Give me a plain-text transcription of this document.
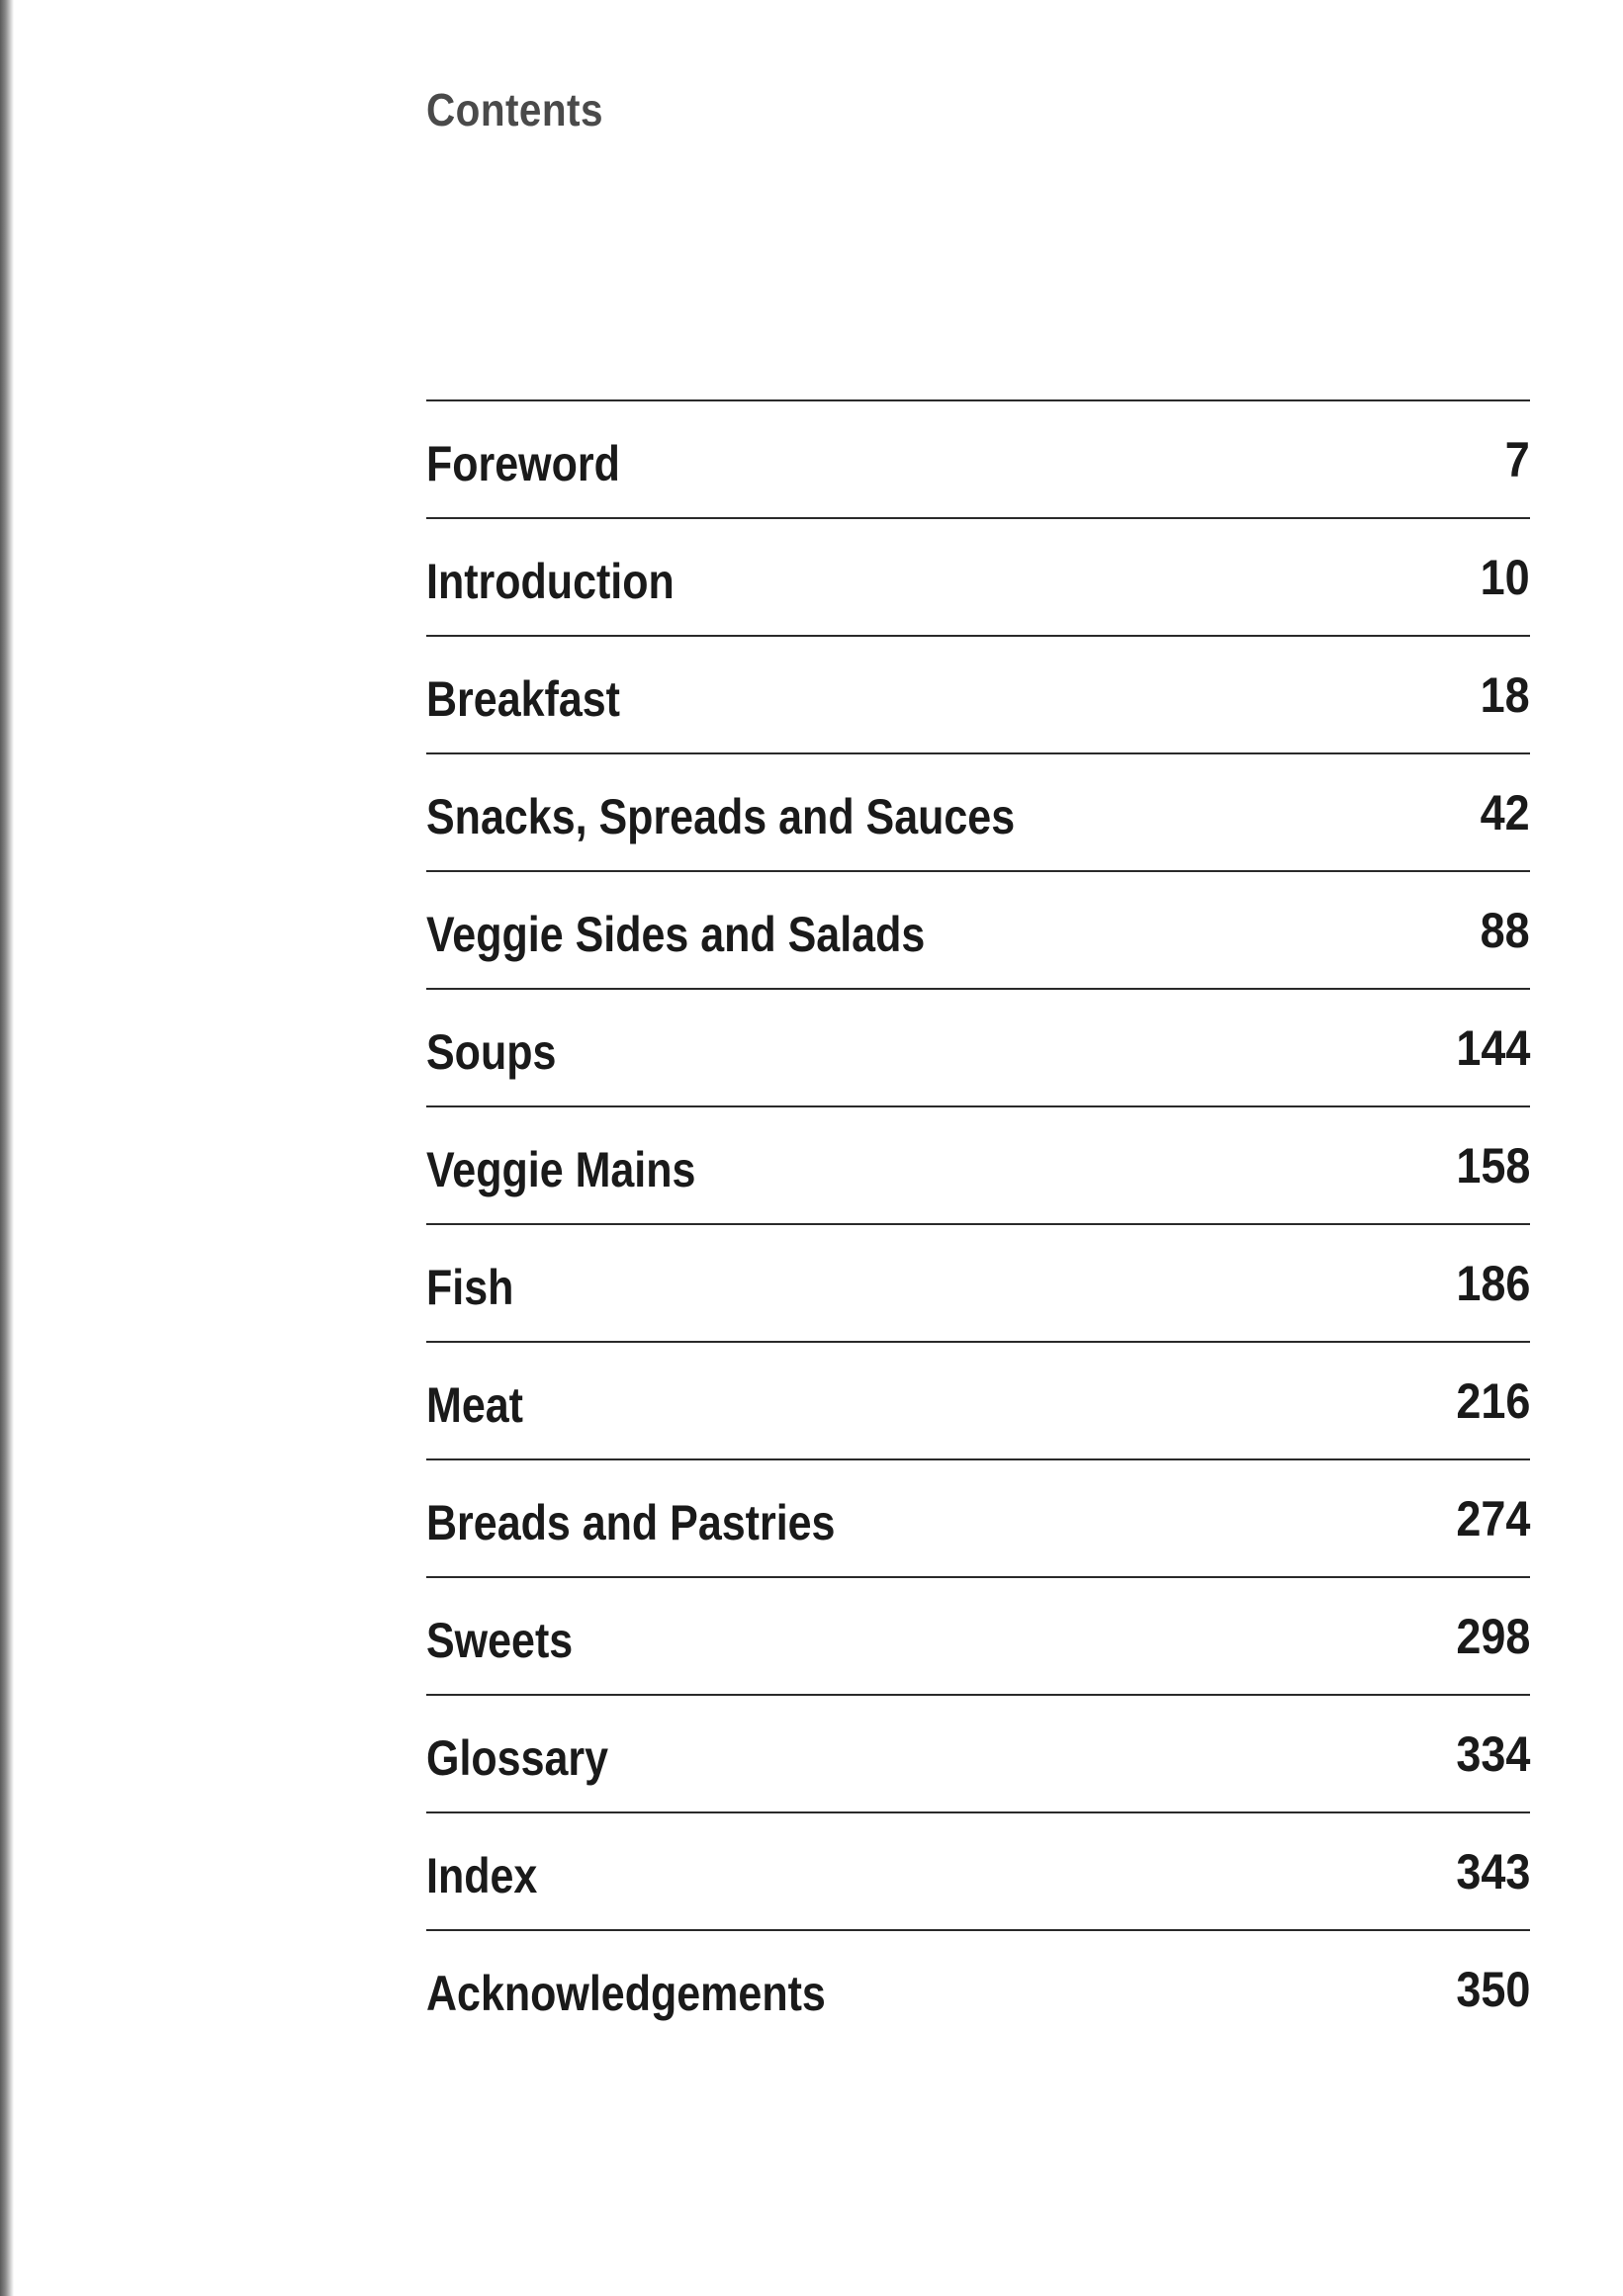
Contents
Foreword	7
Introduction	10
Breakfast	18
Snacks, Spreads and Sauces	42
Veggie Sides and Salads	88
Soups	144
Veggie Mains	158
Fish	186
Meat	216
Breads and Pastries	274
Sweets	298
Glossary	334
Index	343
Acknowledgements	350
